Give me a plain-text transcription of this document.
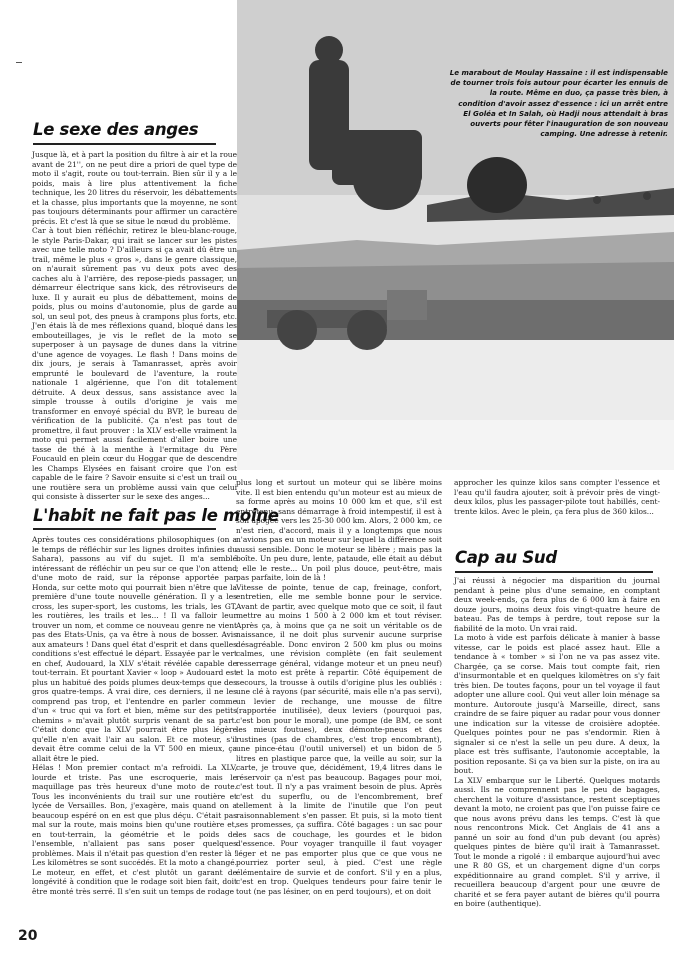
Le marabout de Moulay Hassaine : il est indispensable
de tourner trois fois autour pour écarter les ennuis de
la route. Même en duo, ça passe très bien, à
condition d'avoir assez d'essence : ici un arrêt entre
El Goléa et In Salah, où Hadji nous attendait à bras
ouverts pour fêter l'inauguration de son nouveau
camping. Une adresse à retenir.
Le sexe des anges

Jusque là, et à part la position du filtre à air et la roue avant de 21'', on ne peut dire a priori de quel type de moto il s'agit, route ou tout-terrain. Bien sûr il y a le poids, mais à lire plus attentivement la fiche technique, les 20 litres du réservoir, les débattements et la chasse, plus importants que la moyenne, ne sont pas toujours déterminants pour affirmer un caractère précis. Et c'est là que se situe le nœud du problème.

Car à tout bien réfléchir, retirez le bleu-blanc-rouge, le style Paris-Dakar, qui irait se lancer sur les pistes avec une telle moto ? D'ailleurs si ça avait dû être un trail, même le plus « gros », dans le genre classique, on n'aurait sûrement pas vu deux pots avec des caches alu à l'arrière, des repose-pieds passager, un démarreur électrique sans kick, des rétroviseurs de luxe. Il y aurait eu plus de débattement, moins de poids, plus ou moins d'autonomie, plus de garde au sol, un seul pot, des pneus à crampons plus forts, etc. J'en étais là de mes réflexions quand, bloqué dans les embouteillages, je vis le reflet de la moto se superposer à un paysage de dunes dans la vitrine d'une agence de voyages. Le flash ! Dans moins de dix jours, je serais à Tamanrasset, après avoir emprunté le boulevard de l'aventure, la route nationale 1 algérienne, que l'on dit totalement détruite. A deux dessus, sans assistance avec la simple trousse à outils d'origine je vais me transformer en envoyé spécial du BVP, le bureau de vérification de la publicité. Ça n'est pas tout de promettre, il faut prouver : la XLV est-elle vraiment la moto qui permet aussi facilement d'aller boire une tasse de thé à la menthe à l'ermitage du Père Foucauld en plein cœur du Hoggar que de descendre les Champs Elysées en faisant croire que l'on est capable de le faire ? Savoir ensuite si c'est un trail ou une routière sera un problème aussi vain que celui qui consiste à disserter sur le sexe des anges...

L'habit ne fait pas le moine

Après toutes ces considérations philosophiques (on a le temps de réfléchir sur les lignes droites infinies du Sahara), passons au vif du sujet. Il m'a semblé intéressant de réfléchir un peu sur ce que l'on attend d'une moto de raid, sur la réponse apportée par Honda, sur cette moto qui pourrait bien n'être que la première d'une toute nouvelle génération. Il y a les cross, les super-sport, les customs, les trials, les GT, les routières, les trails et les... ! Il va falloir leur trouver un nom, et comme ce nouveau genre ne vient pas des Etats-Unis, ça va être à nous de bosser. Avis aux amateurs ! Dans quel état d'esprit et dans quelles conditions s'est effectué le départ. Essayée par le vert en chef, Audouard, la XLV s'était révélée capable de tout-terrain. Et pourtant Xavier « loop » Audouard est plus un habitué des poids plumes deux-temps que des gros quatre-temps. A vrai dire, ces derniers, il ne les comprend pas trop, et l'entendre en parler comme d'un « truc qui va fort et bien, même sur des petits chemins » m'avait plutôt surpris venant de sa part. C'était donc que la XLV pourrait être plus légère qu'elle n'en avait l'air au salon. Et ce moteur, s'il devait être comme celui de la VT 500 en mieux, ça allait être le pied.

Hélas ! Mon premier contact m'a refroidi. La XLV, lourde et triste. Pas une escroquerie, mais le maquillage pas très heureux d'une moto de route. Tous les inconvénients du trail sur une routière et lycée de Versailles. Bon, j'exagère, mais quand on a beaucoup espéré on en est que plus déçu. C'était pas mal sur la route, mais moins bien qu'une routière et, en tout-terrain, la géométrie et le poids de l'ensemble, n'allaient pas sans poser quelques problèmes. Mais il n'était pas question d'en rester là ! Les kilomètres se sont succédés. Et la moto a changé. Le moteur, en effet, et c'est plutôt un garant de longévité à condition que le rodage soit bien fait, doit être monté très serré. Il s'en suit un temps de rodage

plus long et surtout un moteur qui se libère moins vite. Il est bien entendu qu'un moteur est au mieux de sa forme après au moins 10 000 km et que, s'il est entretenu, sans démarrage à froid intempestif, il est à son apogée vers les 25-30 000 km. Alors, 2 000 km, ce n'est rien, d'accord, mais il y a longtemps que nous n'avions pas eu un moteur sur lequel la différence soit aussi sensible. Donc le moteur se libère ; mais pas la boîte. Un peu dure, lente, pataude, elle était au début ; elle le reste... Un poil plus douce, peut-être, mais pas parfaite, loin de là !

Vitesse de pointe, tenue de cap, freinage, confort, entretien, elle me semble bonne pour le service. Avant de partir, avec quelque moto que ce soit, il faut mettre au moins 1 500 à 2 000 km et tout réviser. Après ça, à moins que ça ne soit un véritable os de naissance, il ne doit plus survenir aucune surprise désagréable. Donc environ 2 500 km plus ou moins calmes, une révision complète (en fait seulement resserrage général, vidange moteur et un pneu neuf) et la moto est prête à repartir. Côté équipement de secours, la trousse à outils d'origine plus les oubliés : une clé à rayons (par sécurité, mais elle n'a pas servi), un levier de rechange, une mousse de filtre (rapportée inutilisée), deux leviers (pourquoi pas, c'est bon pour le moral), une pompe (de BM, ce sont les mieux foutues), deux démonte-pneus et des rustines (pas de chambres, c'est trop encombrant), une pince-étau (l'outil universel) et un bidon de 5 litres en plastique parce que, la veille au soir, sur la carte, je trouve que, décidément, 19,4 litres dans le réservoir ça n'est pas beaucoup. Bagages pour moi, c'est tout. Il n'y a pas vraiment besoin de plus. Après c'est du superflu, ou de l'encombrement, bref tellement à la limite de l'inutile que l'on peut raisonnablement s'en passer. Et puis, si la moto tient ses promesses, ça suffira. Côté bagages : un sac pour les sacs de couchage, les gourdes et le bidon d'essence. Pour voyager tranquille il faut voyager léger et ne pas emporter plus que ce que vous ne pourriez porter seul, à pied. C'est une règle élémentaire de survie et de confort. S'il y en a plus, c'est en trop. Quelques tendeurs pour faire tenir le tout (ne pas lésiner, on en perd toujours), et on doit

approcher les quinze kilos sans compter l'essence et l'eau qu'il faudra ajouter, soit à prévoir près de vingt-deux kilos, plus les passager-pilote tout habillés, cent-trente kilos. Avec le plein, ça fera plus de 360 kilos...

Cap au Sud

J'ai réussi à négocier ma disparition du journal pendant à peine plus d'une semaine, en comptant deux week-ends, ça fera plus de 6 000 km à faire en douze jours, moins deux fois vingt-quatre heure de bateau. Pas de temps à perdre, tout repose sur la fiabilité de la moto. Un vrai raid.

La moto à vide est parfois délicate à manier à basse vitesse, car le poids est placé assez haut. Elle a tendance à « tomber » si l'on ne va pas assez vite. Chargée, ça se corse. Mais tout compte fait, rien d'insurmontable et en quelques kilomètres on s'y fait très bien. De toutes façons, pour un tel voyage il faut adopter une allure cool. Qui veut aller loin ménage sa monture. Autoroute jusqu'à Marseille, direct, sans craindre de se faire piquer au radar pour vous donner une indication sur la vitesse de croisière adoptée. Quelques pointes pour ne pas s'endormir. Rien à signaler si ce n'est la selle un peu dure. A deux, la place est très suffisante, l'autonomie acceptable, la position reposante. Si ça va bien sur la piste, on ira au bout.

La XLV embarque sur le Liberté. Quelques motards aussi. Ils ne comprennent pas le peu de bagages, cherchent la voiture d'assistance, restent sceptiques devant la moto, ne croient pas que l'on puisse faire ce que nous avons prévu dans les temps. C'est là que nous rencontrons Mick. Cet Anglais de 41 ans a panné un soir au fond d'un pub devant (ou après) quelques pintes de bière qu'il irait à Tamanrasset. Tout le monde a rigolé : il embarque aujourd'hui avec une R 80 GS, et un chargement digne d'un corps expéditionnaire au grand complet. S'il y arrive, il recueillera beaucoup d'argent pour une œuvre de charité et se fera payer autant de bières qu'il pourra en boire (authentique).

20
